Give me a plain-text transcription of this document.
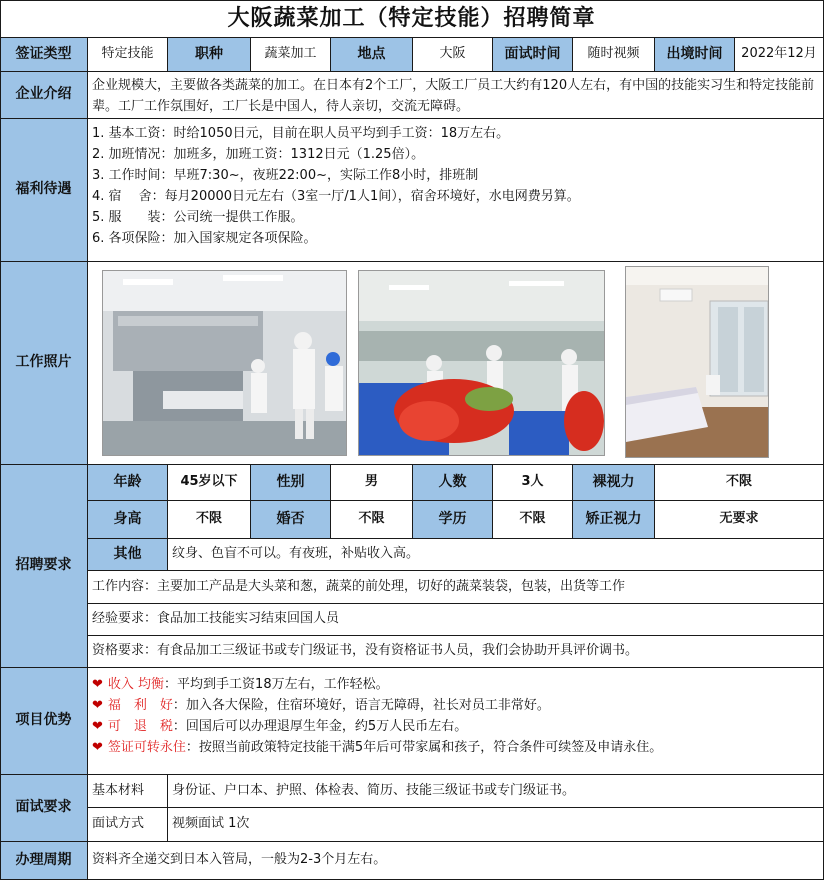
大阪蔬菜加工（特定技能）招聘简章
签证类型	特定技能	职种	蔬菜加工	地点	大阪	面试时间	随时视频	出境时间	2022年12月
企业介绍
企业规模大，主要做各类蔬菜的加工。在日本有2个工厂，大阪工厂员工大约有120人左右，有中国的技能实习生和特定技能前辈。工厂工作氛围好，工厂长是中国人，待人亲切，交流无障碍。
福利待遇
1. 基本工资：时给1050日元，目前在职人员平均到手工资：18万左右。
2. 加班情况：加班多，加班工资：1312日元（1.25倍）。
3. 工作时间：早班7:30~，夜班22:00~，实际工作8小时，排班制
4. 宿　 舍：每月20000日元左右（3室一厅/1人1间），宿舍环境好，水电网费另算。
5. 服　　装：公司统一提供工作服。
6. 各项保险：加入国家规定各项保险。
工作照片
招聘要求
年龄	45岁以下	性别	男	人数	3人	裸视力	不限
身高	不限	婚否	不限	学历	不限	矫正视力	无要求
其他	纹身、色盲不可以。有夜班，补贴收入高。
工作内容：主要加工产品是大头菜和葱，蔬菜的前处理，切好的蔬菜装袋，包装，出货等工作
经验要求：食品加工技能实习结束回国人员
资格要求：有食品加工三级证书或专门级证书，没有资格证书人员，我们会协助开具评价调书。
项目优势
❤ 收入 均衡：平均到手工资18万左右，工作轻松。
❤ 福　利　好：加入各大保险，住宿环境好，语言无障碍，社长对员工非常好。
❤ 可　退　税：回国后可以办理退厚生年金，约5万人民币左右。
❤ 签证可转永住：按照当前政策特定技能干满5年后可带家属和孩子，符合条件可续签及申请永住。
面试要求
基本材料	身份证、户口本、护照、体检表、简历、技能三级证书或专门级证书。
面试方式	视频面试 1次
办理周期	资料齐全递交到日本入管局，一般为2-3个月左右。
